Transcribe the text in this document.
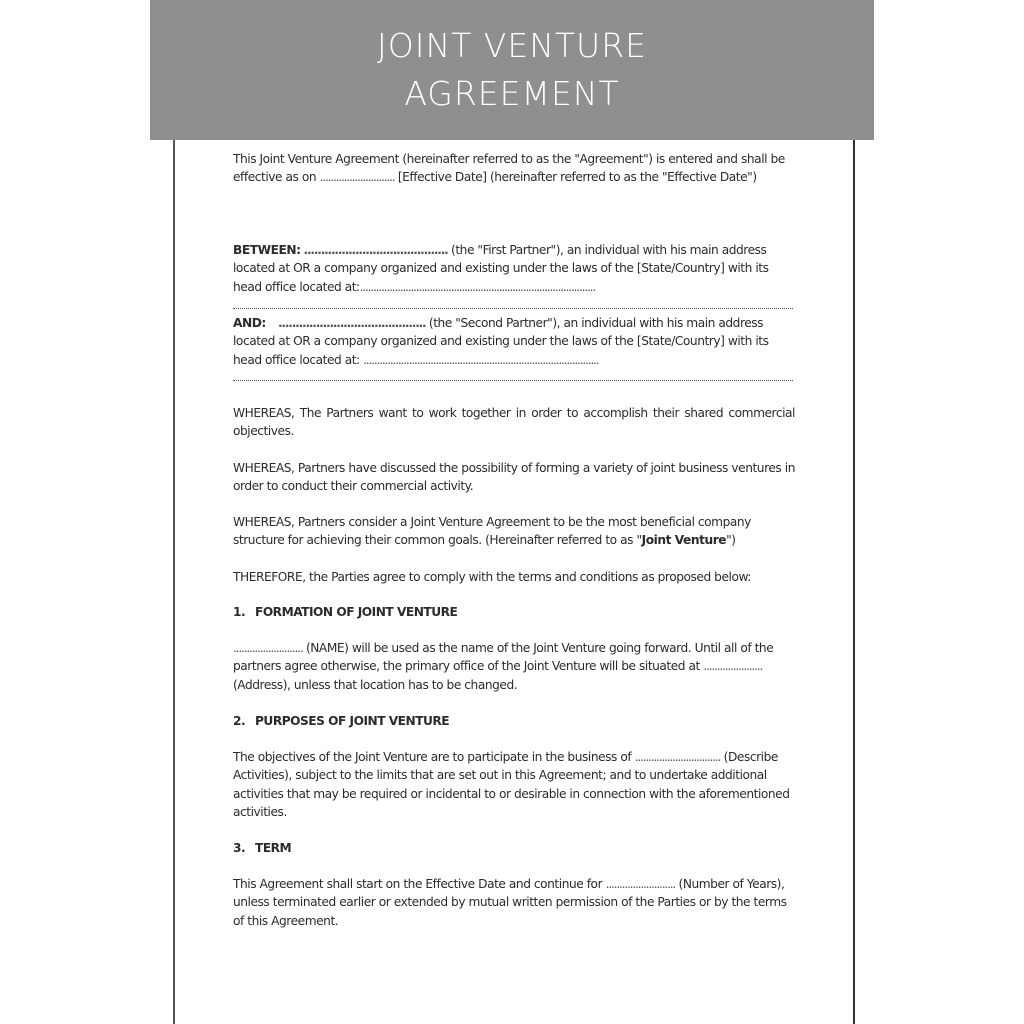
JOINT VENTURE
AGREEMENT

This Joint Venture Agreement (hereinafter referred to as the "Agreement") is entered and shall be effective as on ............................ [Effective Date] (hereinafter referred to as the "Effective Date")

BETWEEN: .......................................... (the "First Partner"), an individual with his main address located at OR a company organized and existing under the laws of the [State/Country] with its head office located at:........................................................................................

AND:    ........................................... (the "Second Partner"), an individual with his main address located at OR a company organized and existing under the laws of the [State/Country] with its head office located at: ........................................................................................

WHEREAS, The Partners want to work together in order to accomplish their shared commercial objectives.

WHEREAS, Partners have discussed the possibility of forming a variety of joint business ventures in order to conduct their commercial activity.

WHEREAS, Partners consider a Joint Venture Agreement to be the most beneficial company structure for achieving their common goals. (Hereinafter referred to as "Joint Venture")

THEREFORE, the Parties agree to comply with the terms and conditions as proposed below:

1. FORMATION OF JOINT VENTURE

.......................... (NAME) will be used as the name of the Joint Venture going forward. Until all of the partners agree otherwise, the primary office of the Joint Venture will be situated at ......................(Address), unless that location has to be changed.

2. PURPOSES OF JOINT VENTURE

The objectives of the Joint Venture are to participate in the business of ................................ (Describe Activities), subject to the limits that are set out in this Agreement; and to undertake additional activities that may be required or incidental to or desirable in connection with the aforementioned activities.

3. TERM

This Agreement shall start on the Effective Date and continue for .......................... (Number of Years), unless terminated earlier or extended by mutual written permission of the Parties or by the terms of this Agreement.
